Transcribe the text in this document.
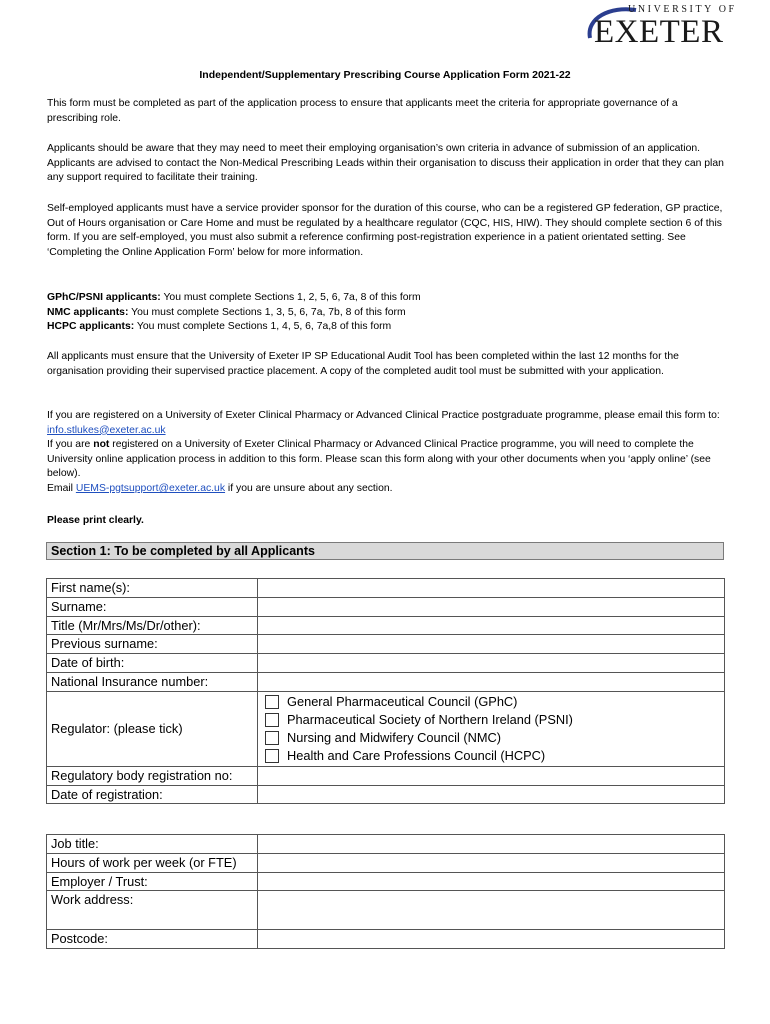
UNIVERSITY OF
EXETER
Independent/Supplementary Prescribing Course Application Form 2021-22

This form must be completed as part of the application process to ensure that applicants meet the criteria for appropriate governance of a prescribing role.

Applicants should be aware that they may need to meet their employing organisation’s own criteria in advance of submission of an application. Applicants are advised to contact the Non-Medical Prescribing Leads within their organisation to discuss their application in order that they can plan any support required to facilitate their training.

Self-employed applicants must have a service provider sponsor for the duration of this course, who can be a registered GP federation, GP practice, Out of Hours organisation or Care Home and must be regulated by a healthcare regulator (CQC, HIS, HIW). They should complete section 6 of this form. If you are self-employed, you must also submit a reference confirming post-registration experience in a patient orientated setting. See ‘Completing the Online Application Form’ below for more information.

GPhC/PSNI applicants: You must complete Sections 1, 2, 5, 6, 7a, 8 of this form

NMC applicants: You must complete Sections 1, 3, 5, 6, 7a, 7b, 8 of this form

HCPC applicants: You must complete Sections 1, 4, 5, 6, 7a,8 of this form

All applicants must ensure that the University of Exeter IP SP Educational Audit Tool has been completed within the last 12 months for the organisation providing their supervised practice placement. A copy of the completed audit tool must be submitted with your application.

If you are registered on a University of Exeter Clinical Pharmacy or Advanced Clinical Practice postgraduate programme, please email this form to: info.stlukes@exeter.ac.uk

If you are not registered on a University of Exeter Clinical Pharmacy or Advanced Clinical Practice programme, you will need to complete the University online application process in addition to this form. Please scan this form along with your other documents when you ‘apply online’ (see below).

Email UEMS-pgtsupport@exeter.ac.uk if you are unsure about any section.

Please print clearly.

Section 1: To be completed by all Applicants
First name(s):	
Surname:	
Title (Mr/Mrs/Ms/Dr/other):	
Previous surname:	
Date of birth:	
National Insurance number:	
Regulator: (please tick)	General Pharmaceutical Council (GPhC)
Pharmaceutical Society of Northern Ireland (PSNI)
Nursing and Midwifery Council (NMC)
Health and Care Professions Council (HCPC)

Regulatory body registration no:	
Date of registration:	
Job title:	
Hours of work per week (or FTE)	
Employer / Trust:	
Work address:	
Postcode:	
